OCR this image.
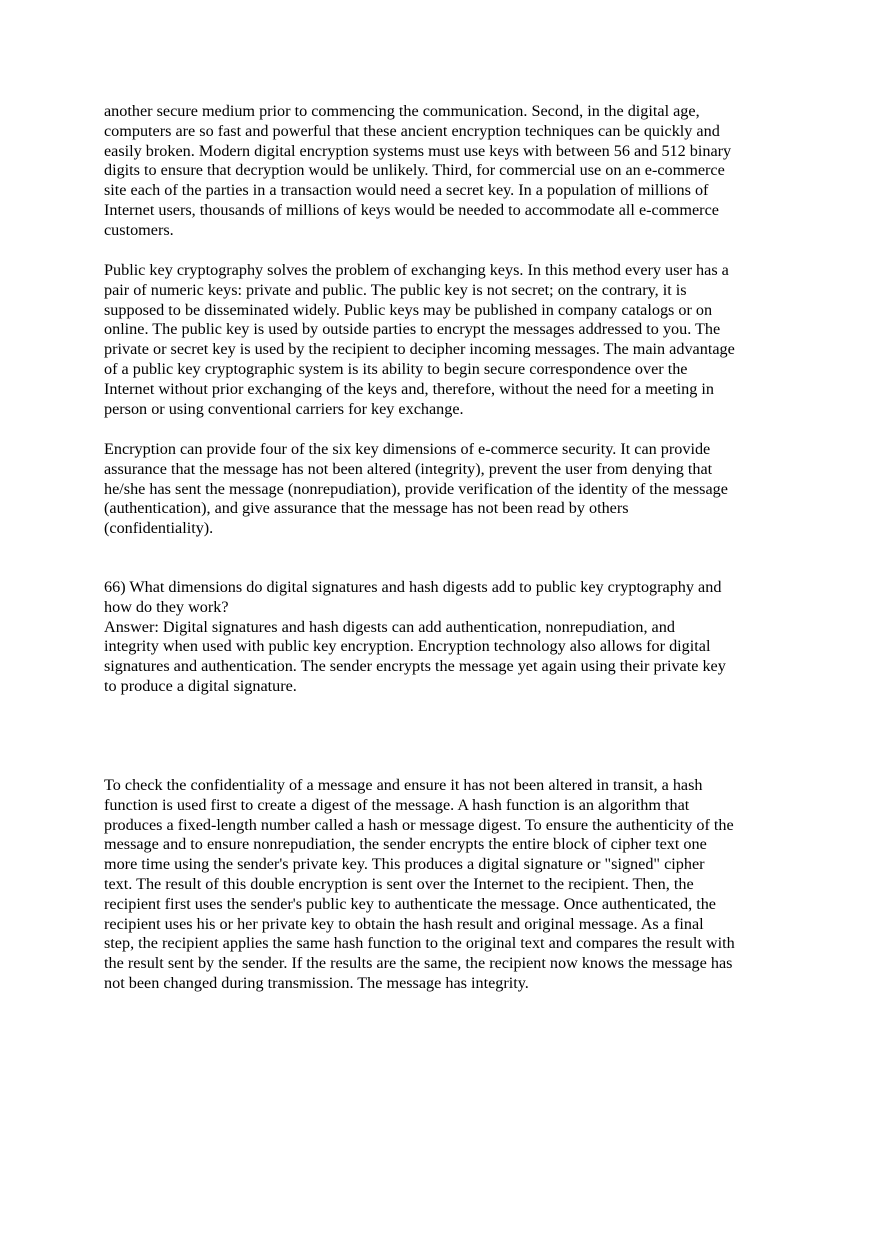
another secure medium prior to commencing the communication. Second, in the digital age,
computers are so fast and powerful that these ancient encryption techniques can be quickly and
easily broken. Modern digital encryption systems must use keys with between 56 and 512 binary
digits to ensure that decryption would be unlikely. Third, for commercial use on an e-commerce
site each of the parties in a transaction would need a secret key. In a population of millions of
Internet users, thousands of millions of keys would be needed to accommodate all e-commerce
customers.
Public key cryptography solves the problem of exchanging keys. In this method every user has a
pair of numeric keys: private and public. The public key is not secret; on the contrary, it is
supposed to be disseminated widely. Public keys may be published in company catalogs or on
online. The public key is used by outside parties to encrypt the messages addressed to you. The
private or secret key is used by the recipient to decipher incoming messages. The main advantage
of a public key cryptographic system is its ability to begin secure correspondence over the
Internet without prior exchanging of the keys and, therefore, without the need for a meeting in
person or using conventional carriers for key exchange.
Encryption can provide four of the six key dimensions of e-commerce security. It can provide
assurance that the message has not been altered (integrity), prevent the user from denying that
he/she has sent the message (nonrepudiation), provide verification of the identity of the message
(authentication), and give assurance that the message has not been read by others
(confidentiality).
66) What dimensions do digital signatures and hash digests add to public key cryptography and
how do they work?
Answer: Digital signatures and hash digests can add authentication, nonrepudiation, and
integrity when used with public key encryption. Encryption technology also allows for digital
signatures and authentication. The sender encrypts the message yet again using their private key
to produce a digital signature.
To check the confidentiality of a message and ensure it has not been altered in transit, a hash
function is used first to create a digest of the message. A hash function is an algorithm that
produces a fixed-length number called a hash or message digest. To ensure the authenticity of the
message and to ensure nonrepudiation, the sender encrypts the entire block of cipher text one
more time using the sender's private key. This produces a digital signature or "signed" cipher
text. The result of this double encryption is sent over the Internet to the recipient. Then, the
recipient first uses the sender's public key to authenticate the message. Once authenticated, the
recipient uses his or her private key to obtain the hash result and original message. As a final
step, the recipient applies the same hash function to the original text and compares the result with
the result sent by the sender. If the results are the same, the recipient now knows the message has
not been changed during transmission. The message has integrity.
